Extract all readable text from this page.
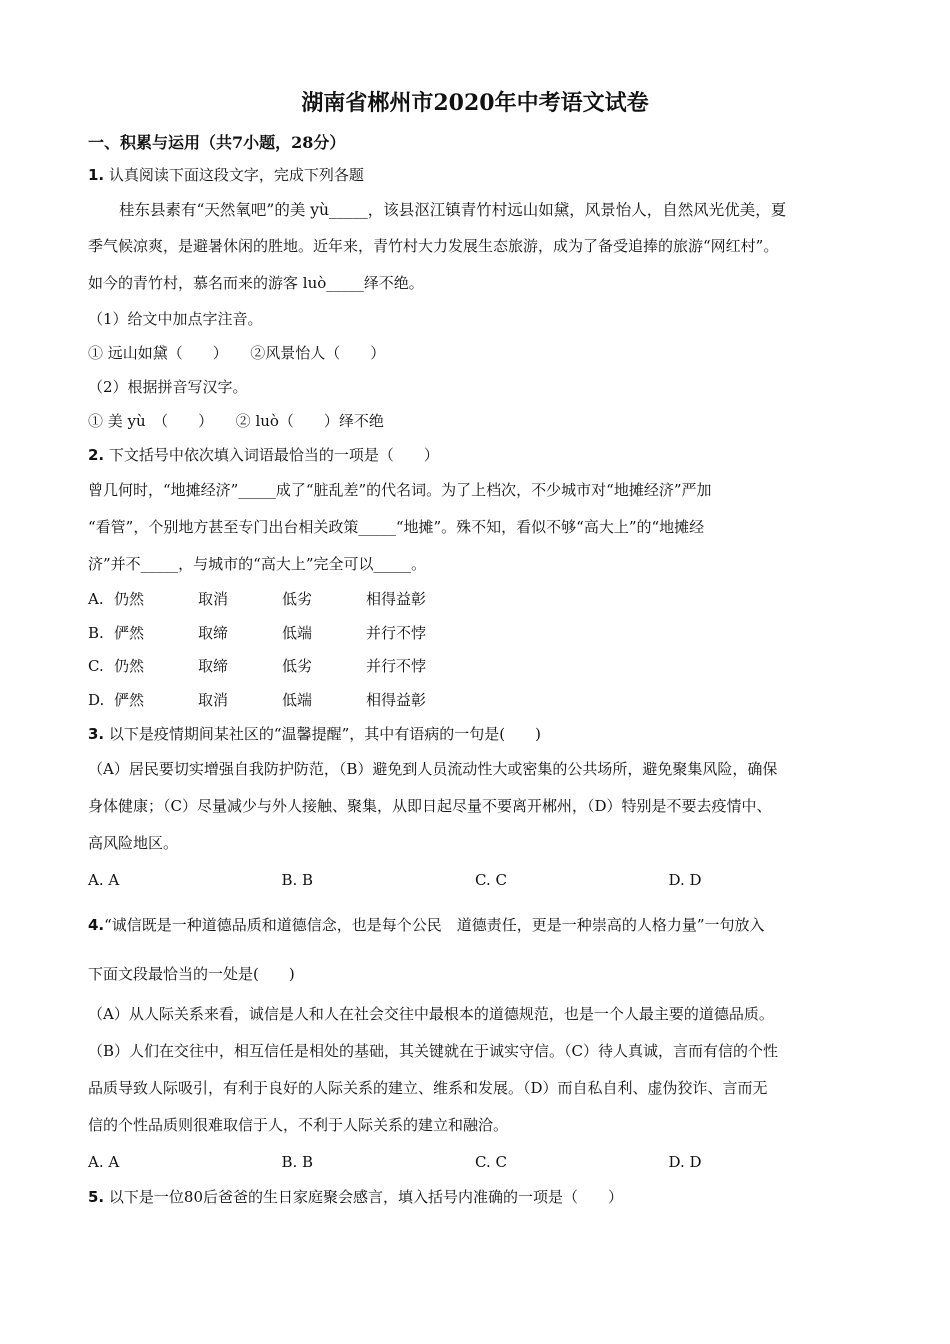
湖南省郴州市2020年中考语文试卷

一、积累与运用（共7小题，28分）

1. 认真阅读下面这段文字，完成下列各题

桂东县素有“天然氧吧”的美 yù_____，该县沤江镇青竹村远山如黛，风景怡人，自然风光优美，夏

季气候凉爽，是避暑休闲的胜地。近年来，青竹村大力发展生态旅游，成为了备受追捧的旅游“网红村”。

如今的青竹村，慕名而来的游客 luò_____绎不绝。

（1）给文中加点字注音。

① 远山如黛（　　）　　②风景怡人（　　）

（2）根据拼音写汉字。

① 美 yù　（　　）　　② luò（　　）绎不绝

2. 下文括号中依次填入词语最恰当的一项是（　　）

曾几何时，“地摊经济”_____成了“脏乱差”的代名词。为了上档次，不少城市对“地摊经济”严加

“看管”，个别地方甚至专门出台相关政策_____“地摊”。殊不知，看似不够“高大上”的“地摊经

济”并不_____，与城市的“高大上”完全可以_____。

A. 仍然	取消	低劣	相得益彰
B. 俨然	取缔	低端	并行不悖
C. 仍然	取缔	低劣	并行不悖
D. 俨然	取消	低端	相得益彰

3. 以下是疫情期间某社区的“温馨提醒”，其中有语病的一句是(　　)

（A）居民要切实增强自我防护防范，（B）避免到人员流动性大或密集的公共场所，避免聚集风险，确保

身体健康；（C）尽量减少与外人接触、聚集，从即日起尽量不要离开郴州，（D）特别是不要去疫情中、

高风险地区。

A. A	B. B	C. C	D. D

4.“诚信既是一种道德品质和道德信念，也是每个公民　道德责任，更是一种崇高的人格力量”一句放入

下面文段最恰当的一处是(　　)

（A）从人际关系来看，诚信是人和人在社会交往中最根本的道德规范，也是一个人最主要的道德品质。

（B）人们在交往中，相互信任是相处的基础，其关键就在于诚实守信。（C）待人真诚，言而有信的个性

品质导致人际吸引，有利于良好的人际关系的建立、维系和发展。（D）而自私自利、虚伪狡诈、言而无

信的个性品质则很难取信于人，不利于人际关系的建立和融洽。

A. A	B. B	C. C	D. D

5. 以下是一位80后爸爸的生日家庭聚会感言，填入括号内准确的一项是（　　）
